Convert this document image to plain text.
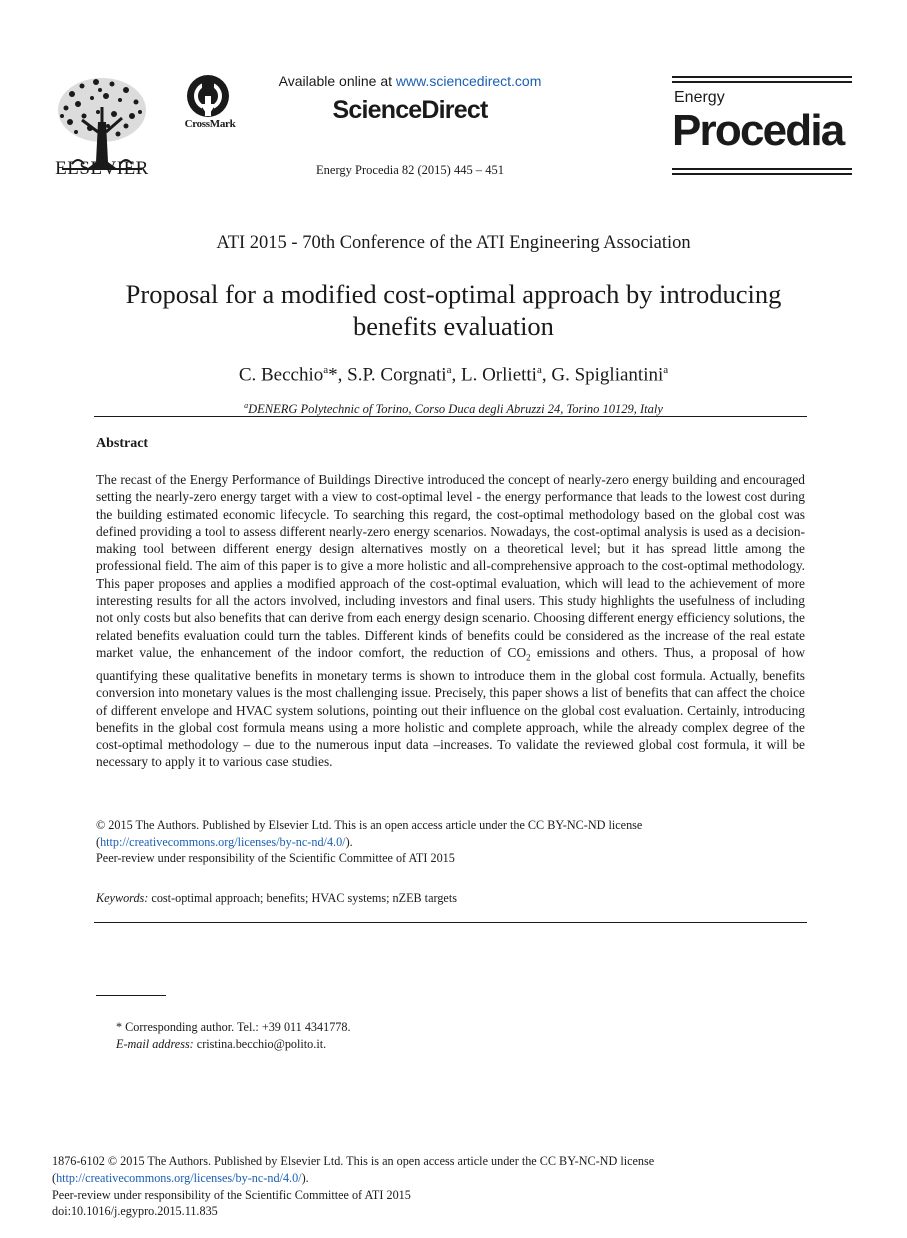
ELSEVIER
CrossMark
Available online at www.sciencedirect.com
ScienceDirect
Energy Procedia 82 (2015) 445 – 451
Energy
Procedia
ATI 2015 - 70th Conference of the ATI Engineering Association
Proposal for a modified cost-optimal approach by introducing
benefits evaluation
C. Becchio$^a$*, S.P. Corgnati$^a$, L. Orlietti$^a$, G. Spigliantini$^a$
$^a$DENERG Polytechnic of Torino, Corso Duca degli Abruzzi 24, Torino 10129, Italy
Abstract
The recast of the Energy Performance of Buildings Directive introduced the concept of nearly-zero energy building and encouraged setting the nearly-zero energy target with a view to cost-optimal level - the energy performance that leads to the lowest cost during the building estimated economic lifecycle. To searching this regard, the cost-optimal methodology based on the global cost was defined providing a tool to assess different nearly-zero energy scenarios. Nowadays, the cost-optimal analysis is used as a decision-making tool between different energy design alternatives mostly on a theoretical level; but it has spread little among the professional field. The aim of this paper is to give a more holistic and all-comprehensive approach to the cost-optimal methodology. This paper proposes and applies a modified approach of the cost-optimal evaluation, which will lead to the achievement of more interesting results for all the actors involved, including investors and final users. This study highlights the usefulness of including not only costs but also benefits that can derive from each energy design scenario. Choosing different energy efficiency solutions, the related benefits evaluation could turn the tables. Different kinds of benefits could be considered as the increase of the real estate market value, the enhancement of the indoor comfort, the reduction of $CO_2$ emissions and others. Thus, a proposal of how quantifying these qualitative benefits in monetary terms is shown to introduce them in the global cost formula. Actually, benefits conversion into monetary values is the most challenging issue. Precisely, this paper shows a list of benefits that can affect the choice of different envelope and HVAC system solutions, pointing out their influence on the global cost evaluation. Certainly, introducing benefits in the global cost formula means using a more holistic and complete approach, while the already complex degree of the cost-optimal methodology – due to the numerous input data –increases. To validate the reviewed global cost formula, it will be necessary to apply it to various case studies.
© 2015 The Authors. Published by Elsevier Ltd. This is an open access article under the CC BY-NC-ND license
(http://creativecommons.org/licenses/by-nc-nd/4.0/).
Peer-review under responsibility of the Scientific Committee of ATI 2015
Keywords: cost-optimal approach; benefits; HVAC systems; nZEB targets
* Corresponding author. Tel.: +39 011 4341778.
E-mail address: cristina.becchio@polito.it.
1876-6102 © 2015 The Authors. Published by Elsevier Ltd. This is an open access article under the CC BY-NC-ND license
(http://creativecommons.org/licenses/by-nc-nd/4.0/).
Peer-review under responsibility of the Scientific Committee of ATI 2015
doi:10.1016/j.egypro.2015.11.835
